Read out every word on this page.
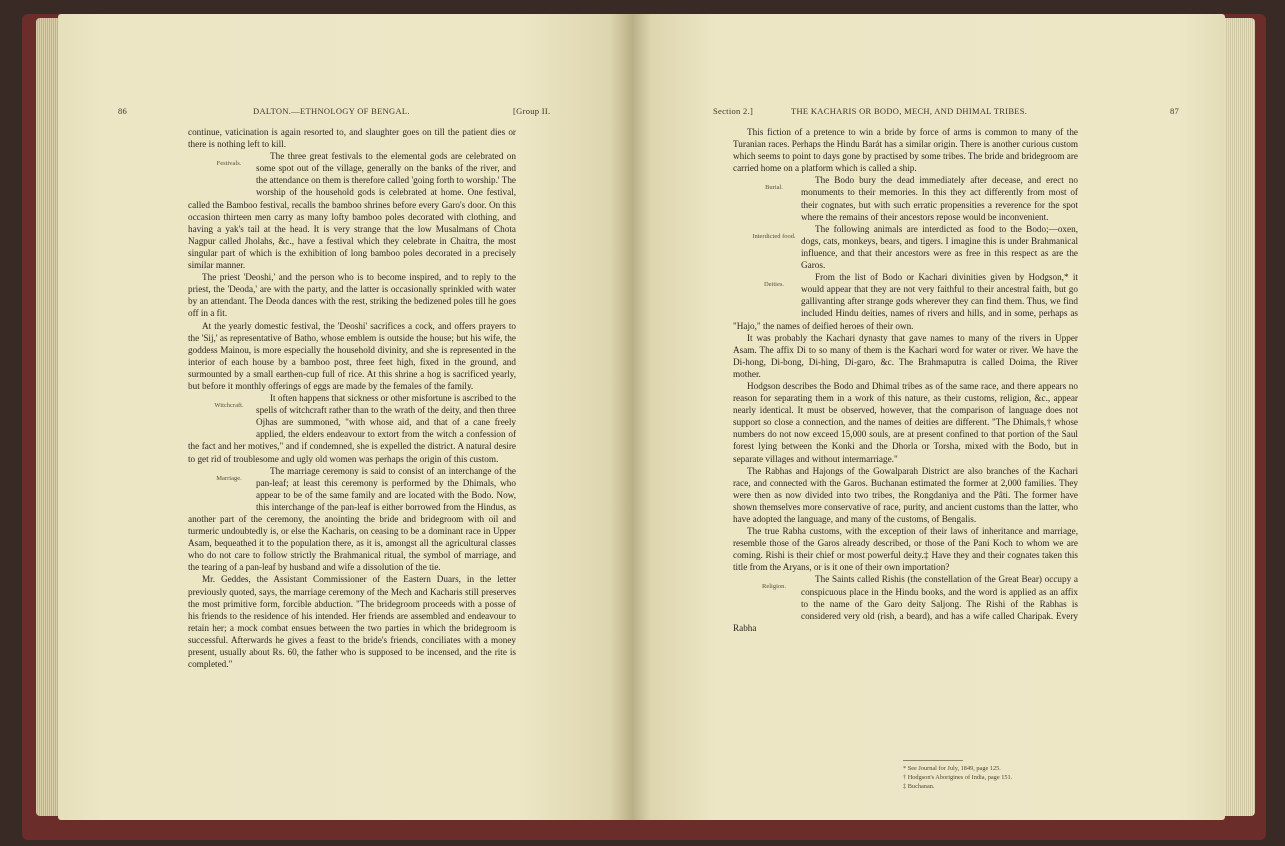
86	DALTON.—ETHNOLOGY OF BENGAL.	[Group II.

continue, vaticination is again resorted to, and slaughter goes on till the patient dies or there is nothing left to kill.

Festivals.
The three great festivals to the elemental gods are celebrated on some spot out of the village, generally on the banks of the river, and the attendance on them is therefore called 'going forth to worship.' The worship of the household gods is celebrated at home. One festival, called the Bamboo festival, recalls the bamboo shrines before every Garo's door. On this occasion thirteen men carry as many lofty bamboo poles decorated with clothing, and having a yak's tail at the head. It is very strange that the low Musalmans of Chota Nagpur called Jholahs, &c., have a festival which they celebrate in Chaitra, the most singular part of which is the exhibition of long bamboo poles decorated in a precisely similar manner.

The priest 'Deoshi,' and the person who is to become inspired, and to reply to the priest, the 'Deoda,' are with the party, and the latter is occasionally sprinkled with water by an attendant. The Deoda dances with the rest, striking the bedizened poles till he goes off in a fit.

At the yearly domestic festival, the 'Deoshi' sacrifices a cock, and offers prayers to the 'Sij,' as representative of Batho, whose emblem is outside the house; but his wife, the goddess Mainou, is more especially the household divinity, and she is represented in the interior of each house by a bamboo post, three feet high, fixed in the ground, and surmounted by a small earthen-cup full of rice. At this shrine a hog is sacrificed yearly, but before it monthly offerings of eggs are made by the females of the family.

Witchcraft.
It often happens that sickness or other misfortune is ascribed to the spells of witchcraft rather than to the wrath of the deity, and then three Ojhas are summoned, "with whose aid, and that of a cane freely applied, the elders endeavour to extort from the witch a confession of the fact and her motives," and if condemned, she is expelled the district. A natural desire to get rid of troublesome and ugly old women was perhaps the origin of this custom.

Marriage.
The marriage ceremony is said to consist of an interchange of the pan-leaf; at least this ceremony is performed by the Dhimals, who appear to be of the same family and are located with the Bodo. Now, this interchange of the pan-leaf is either borrowed from the Hindus, as another part of the ceremony, the anointing the bride and bridegroom with oil and turmeric undoubtedly is, or else the Kacharis, on ceasing to be a dominant race in Upper Asam, bequeathed it to the population there, as it is, amongst all the agricultural classes who do not care to follow strictly the Brahmanical ritual, the symbol of marriage, and the tearing of a pan-leaf by husband and wife a dissolution of the tie.

Mr. Geddes, the Assistant Commissioner of the Eastern Duars, in the letter previously quoted, says, the marriage ceremony of the Mech and Kacharis still preserves the most primitive form, forcible abduction. "The bridegroom proceeds with a posse of his friends to the residence of his intended. Her friends are assembled and endeavour to retain her; a mock combat ensues between the two parties in which the bridegroom is successful. Afterwards he gives a feast to the bride's friends, conciliates with a money present, usually about Rs. 60, the father who is supposed to be incensed, and the rite is completed."

Section 2.]	THE KACHARIS OR BODO, MECH, AND DHIMAL TRIBES.	87

This fiction of a pretence to win a bride by force of arms is common to many of the Turanian races. Perhaps the Hindu Barát has a similar origin. There is another curious custom which seems to point to days gone by practised by some tribes. The bride and bridegroom are carried home on a platform which is called a ship.

Burial.
The Bodo bury the dead immediately after decease, and erect no monuments to their memories. In this they act differently from most of their cognates, but with such erratic propensities a reverence for the spot where the remains of their ancestors repose would be inconvenient.

Interdicted food.
The following animals are interdicted as food to the Bodo;—oxen, dogs, cats, monkeys, bears, and tigers. I imagine this is under Brahmanical influence, and that their ancestors were as free in this respect as are the Garos.

Deities.
From the list of Bodo or Kachari divinities given by Hodgson,* it would appear that they are not very faithful to their ancestral faith, but go gallivanting after strange gods wherever they can find them. Thus, we find included Hindu deities, names of rivers and hills, and in some, perhaps as "Hajo," the names of deified heroes of their own.

It was probably the Kachari dynasty that gave names to many of the rivers in Upper Asam. The affix Di to so many of them is the Kachari word for water or river. We have the Di-hong, Di-bong, Di-hing, Di-garo, &c. The Brahmaputra is called Doima, the River mother.

Hodgson describes the Bodo and Dhimal tribes as of the same race, and there appears no reason for separating them in a work of this nature, as their customs, religion, &c., appear nearly identical. It must be observed, however, that the comparison of language does not support so close a connection, and the names of deities are different. "The Dhimals,† whose numbers do not now exceed 15,000 souls, are at present confined to that portion of the Saul forest lying between the Konki and the Dhorla or Torsha, mixed with the Bodo, but in separate villages and without intermarriage."

The Rabhas and Hajongs of the Gowalparah District are also branches of the Kachari race, and connected with the Garos. Buchanan estimated the former at 2,000 families. They were then as now divided into two tribes, the Rongdaniya and the Pâti. The former have shown themselves more conservative of race, purity, and ancient customs than the latter, who have adopted the language, and many of the customs, of Bengalis.

The true Rabha customs, with the exception of their laws of inheritance and marriage, resemble those of the Garos already described, or those of the Pani Koch to whom we are coming. Rishi is their chief or most powerful deity.‡ Have they and their cognates taken this title from the Aryans, or is it one of their own importation?

Religion.
The Saints called Rishis (the constellation of the Great Bear) occupy a conspicuous place in the Hindu books, and the word is applied as an affix to the name of the Garo deity Saljong. The Rishi of the Rabhas is considered very old (rish, a beard), and has a wife called Charipak. Every Rabha

* See Journal for July, 1849, page 125.
† Hodgson's Aborigines of India, page 151.
‡ Buchanan.
